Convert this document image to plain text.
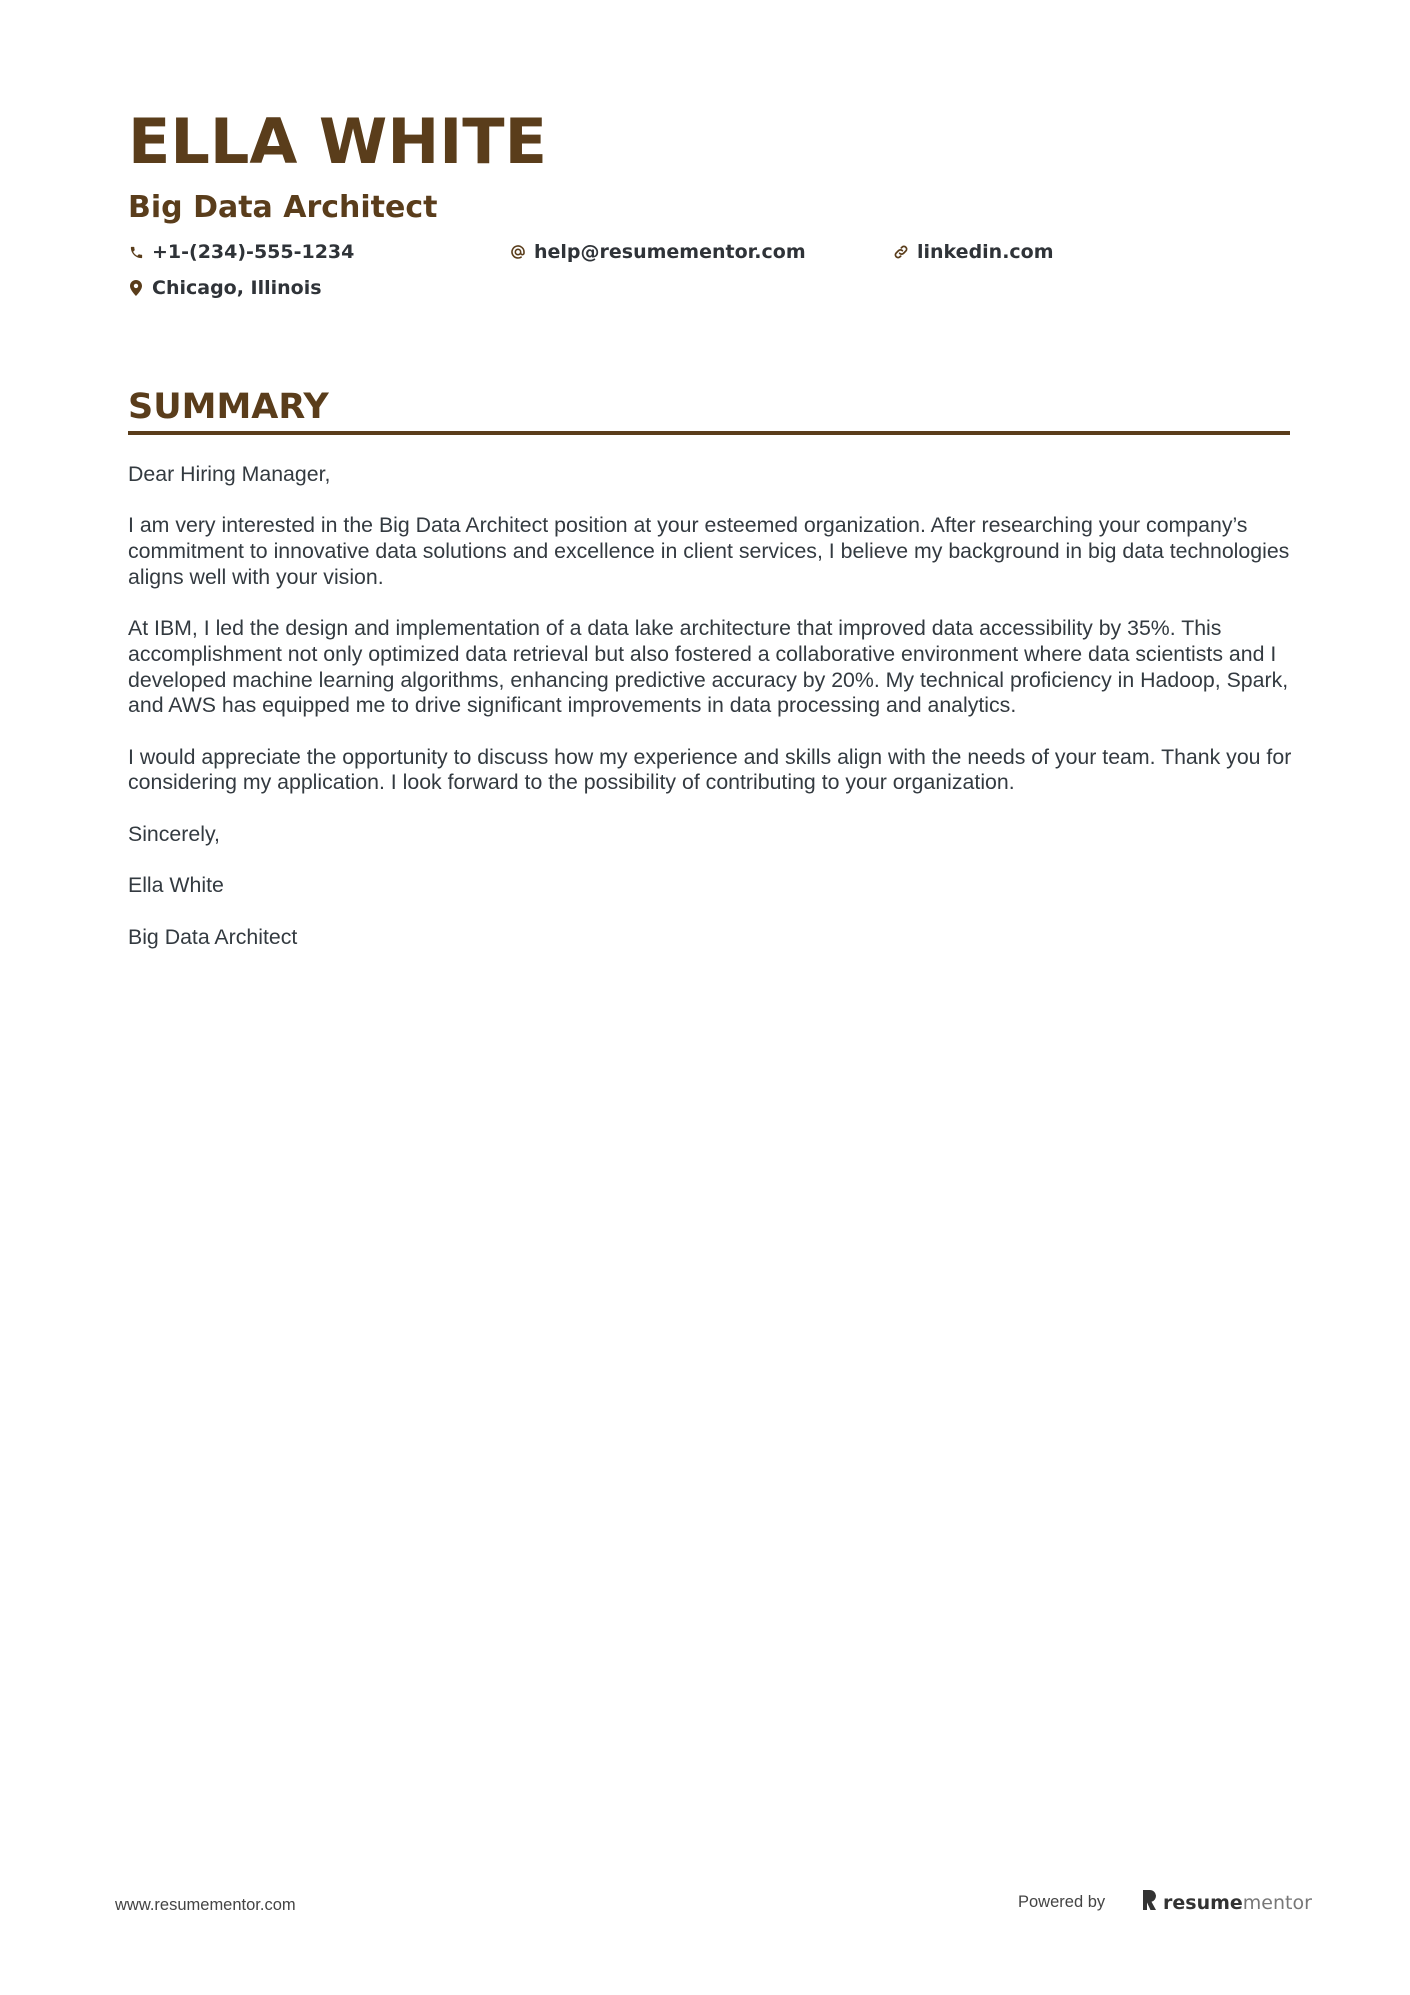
ELLA WHITE
Big Data Architect
+1-(234)-555-1234	help@resumementor.com	linkedin.com
Chicago, Illinois
SUMMARY

Dear Hiring Manager,

I am very interested in the Big Data Architect position at your esteemed organization. After researching your company’s commitment to innovative data solutions and excellence in client services, I believe my background in big data technologies aligns well with your vision.

At IBM, I led the design and implementation of a data lake architecture that improved data accessibility by 35%. This accomplishment not only optimized data retrieval but also fostered a collaborative environment where data scientists and I developed machine learning algorithms, enhancing predictive accuracy by 20%. My technical proficiency in Hadoop, Spark, and AWS has equipped me to drive significant improvements in data processing and analytics.

I would appreciate the opportunity to discuss how my experience and skills align with the needs of your team. Thank you for considering my application. I look forward to the possibility of contributing to your organization.

Sincerely,

Ella White

Big Data Architect

www.resumementor.com	Powered by	resumementor
